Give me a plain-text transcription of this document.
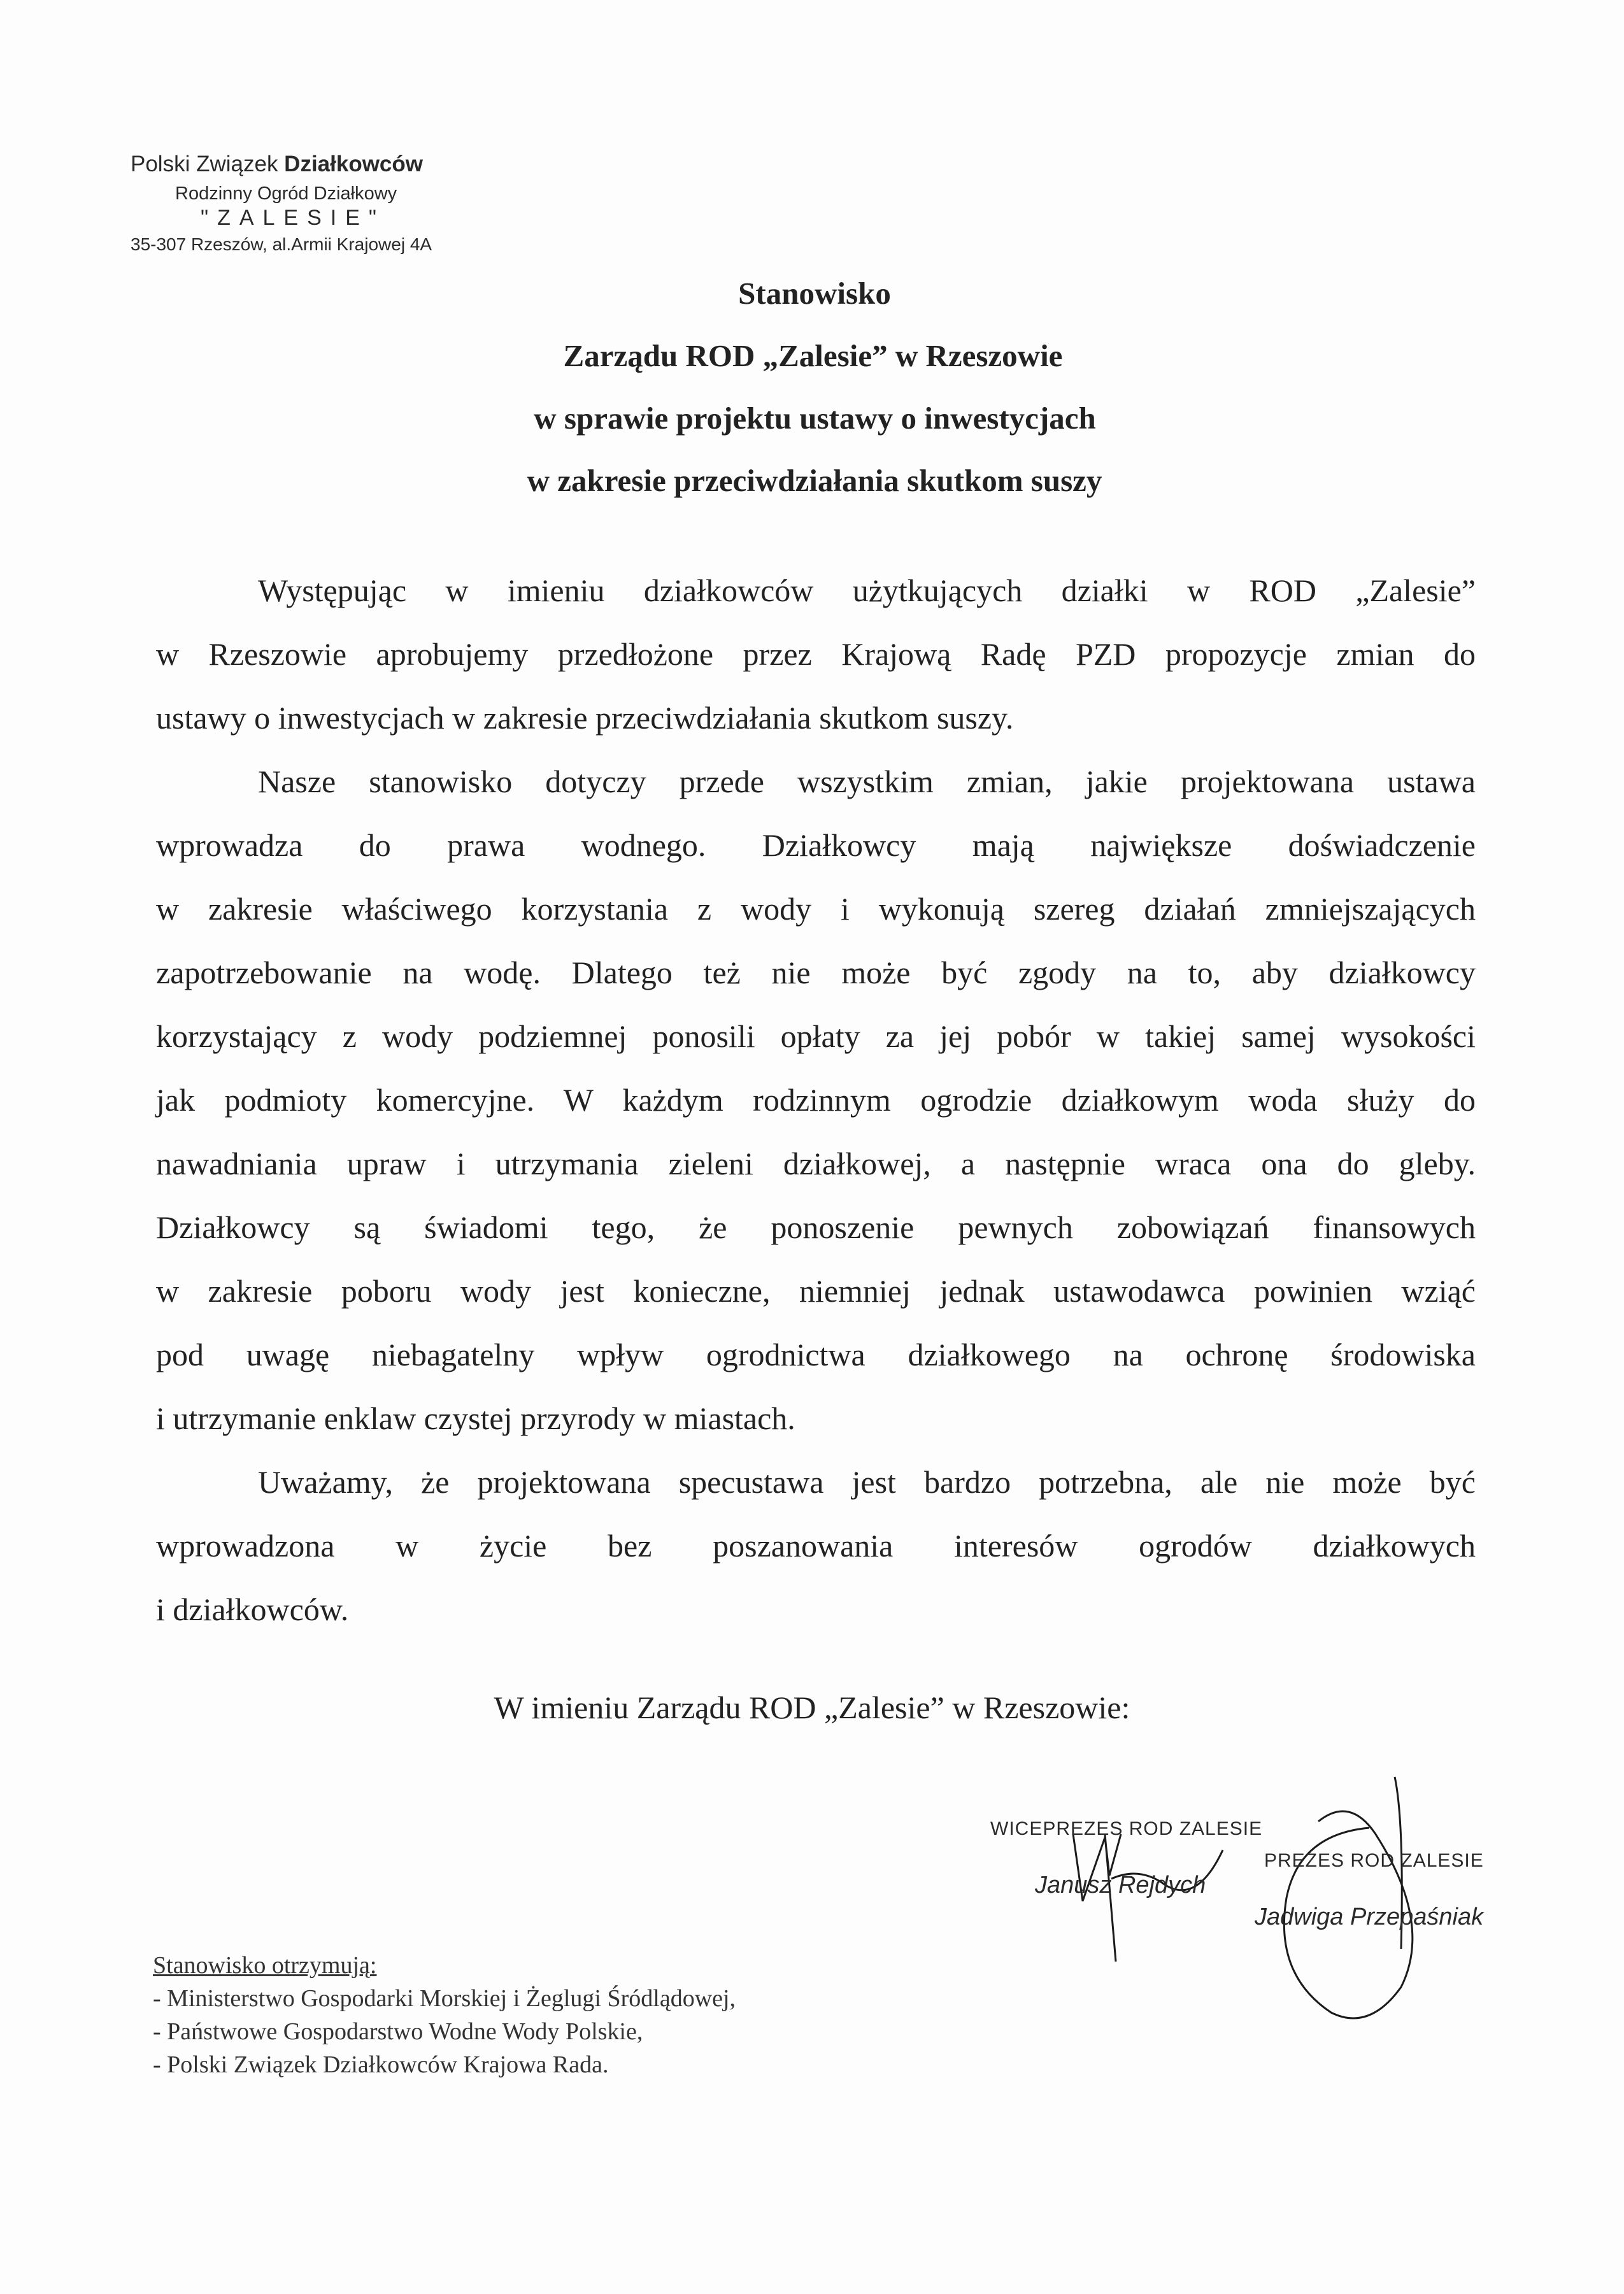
Polski Związek Działkowców
Rodzinny Ogród Działkowy
"ZALESIE"
35-307 Rzeszów, al.Armii Krajowej 4A
Stanowisko
Zarządu ROD „Zalesie” w Rzeszowie
w sprawie projektu ustawy o inwestycjach
w zakresie przeciwdziałania skutkom suszy
Występując w imieniu działkowców użytkujących działki w ROD „Zalesie”
w Rzeszowie aprobujemy przedłożone przez Krajową Radę PZD propozycje zmian do
ustawy o inwestycjach w zakresie przeciwdziałania skutkom suszy.
Nasze stanowisko dotyczy przede wszystkim zmian, jakie projektowana ustawa
wprowadza do prawa wodnego. Działkowcy mają największe doświadczenie
w zakresie właściwego korzystania z wody i wykonują szereg działań zmniejszających
zapotrzebowanie na wodę. Dlatego też nie może być zgody na to, aby działkowcy
korzystający z wody podziemnej ponosili opłaty za jej pobór w takiej samej wysokości
jak podmioty komercyjne. W każdym rodzinnym ogrodzie działkowym woda służy do
nawadniania upraw i utrzymania zieleni działkowej, a następnie wraca ona do gleby.
Działkowcy są świadomi tego, że ponoszenie pewnych zobowiązań finansowych
w zakresie poboru wody jest konieczne, niemniej jednak ustawodawca powinien wziąć
pod uwagę niebagatelny wpływ ogrodnictwa działkowego na ochronę środowiska
i utrzymanie enklaw czystej przyrody w miastach.
Uważamy, że projektowana specustawa jest bardzo potrzebna, ale nie może być
wprowadzona w życie bez poszanowania interesów ogrodów działkowych
i działkowców.
W imieniu Zarządu ROD „Zalesie” w Rzeszowie:
WICEPREZES ROD ZALESIE
Janusz Rejdych
PREZES ROD ZALESIE
Jadwiga Przepaśniak
Stanowisko otrzymują:
- Ministerstwo Gospodarki Morskiej i Żeglugi Śródlądowej,
- Państwowe Gospodarstwo Wodne Wody Polskie,
- Polski Związek Działkowców Krajowa Rada.
